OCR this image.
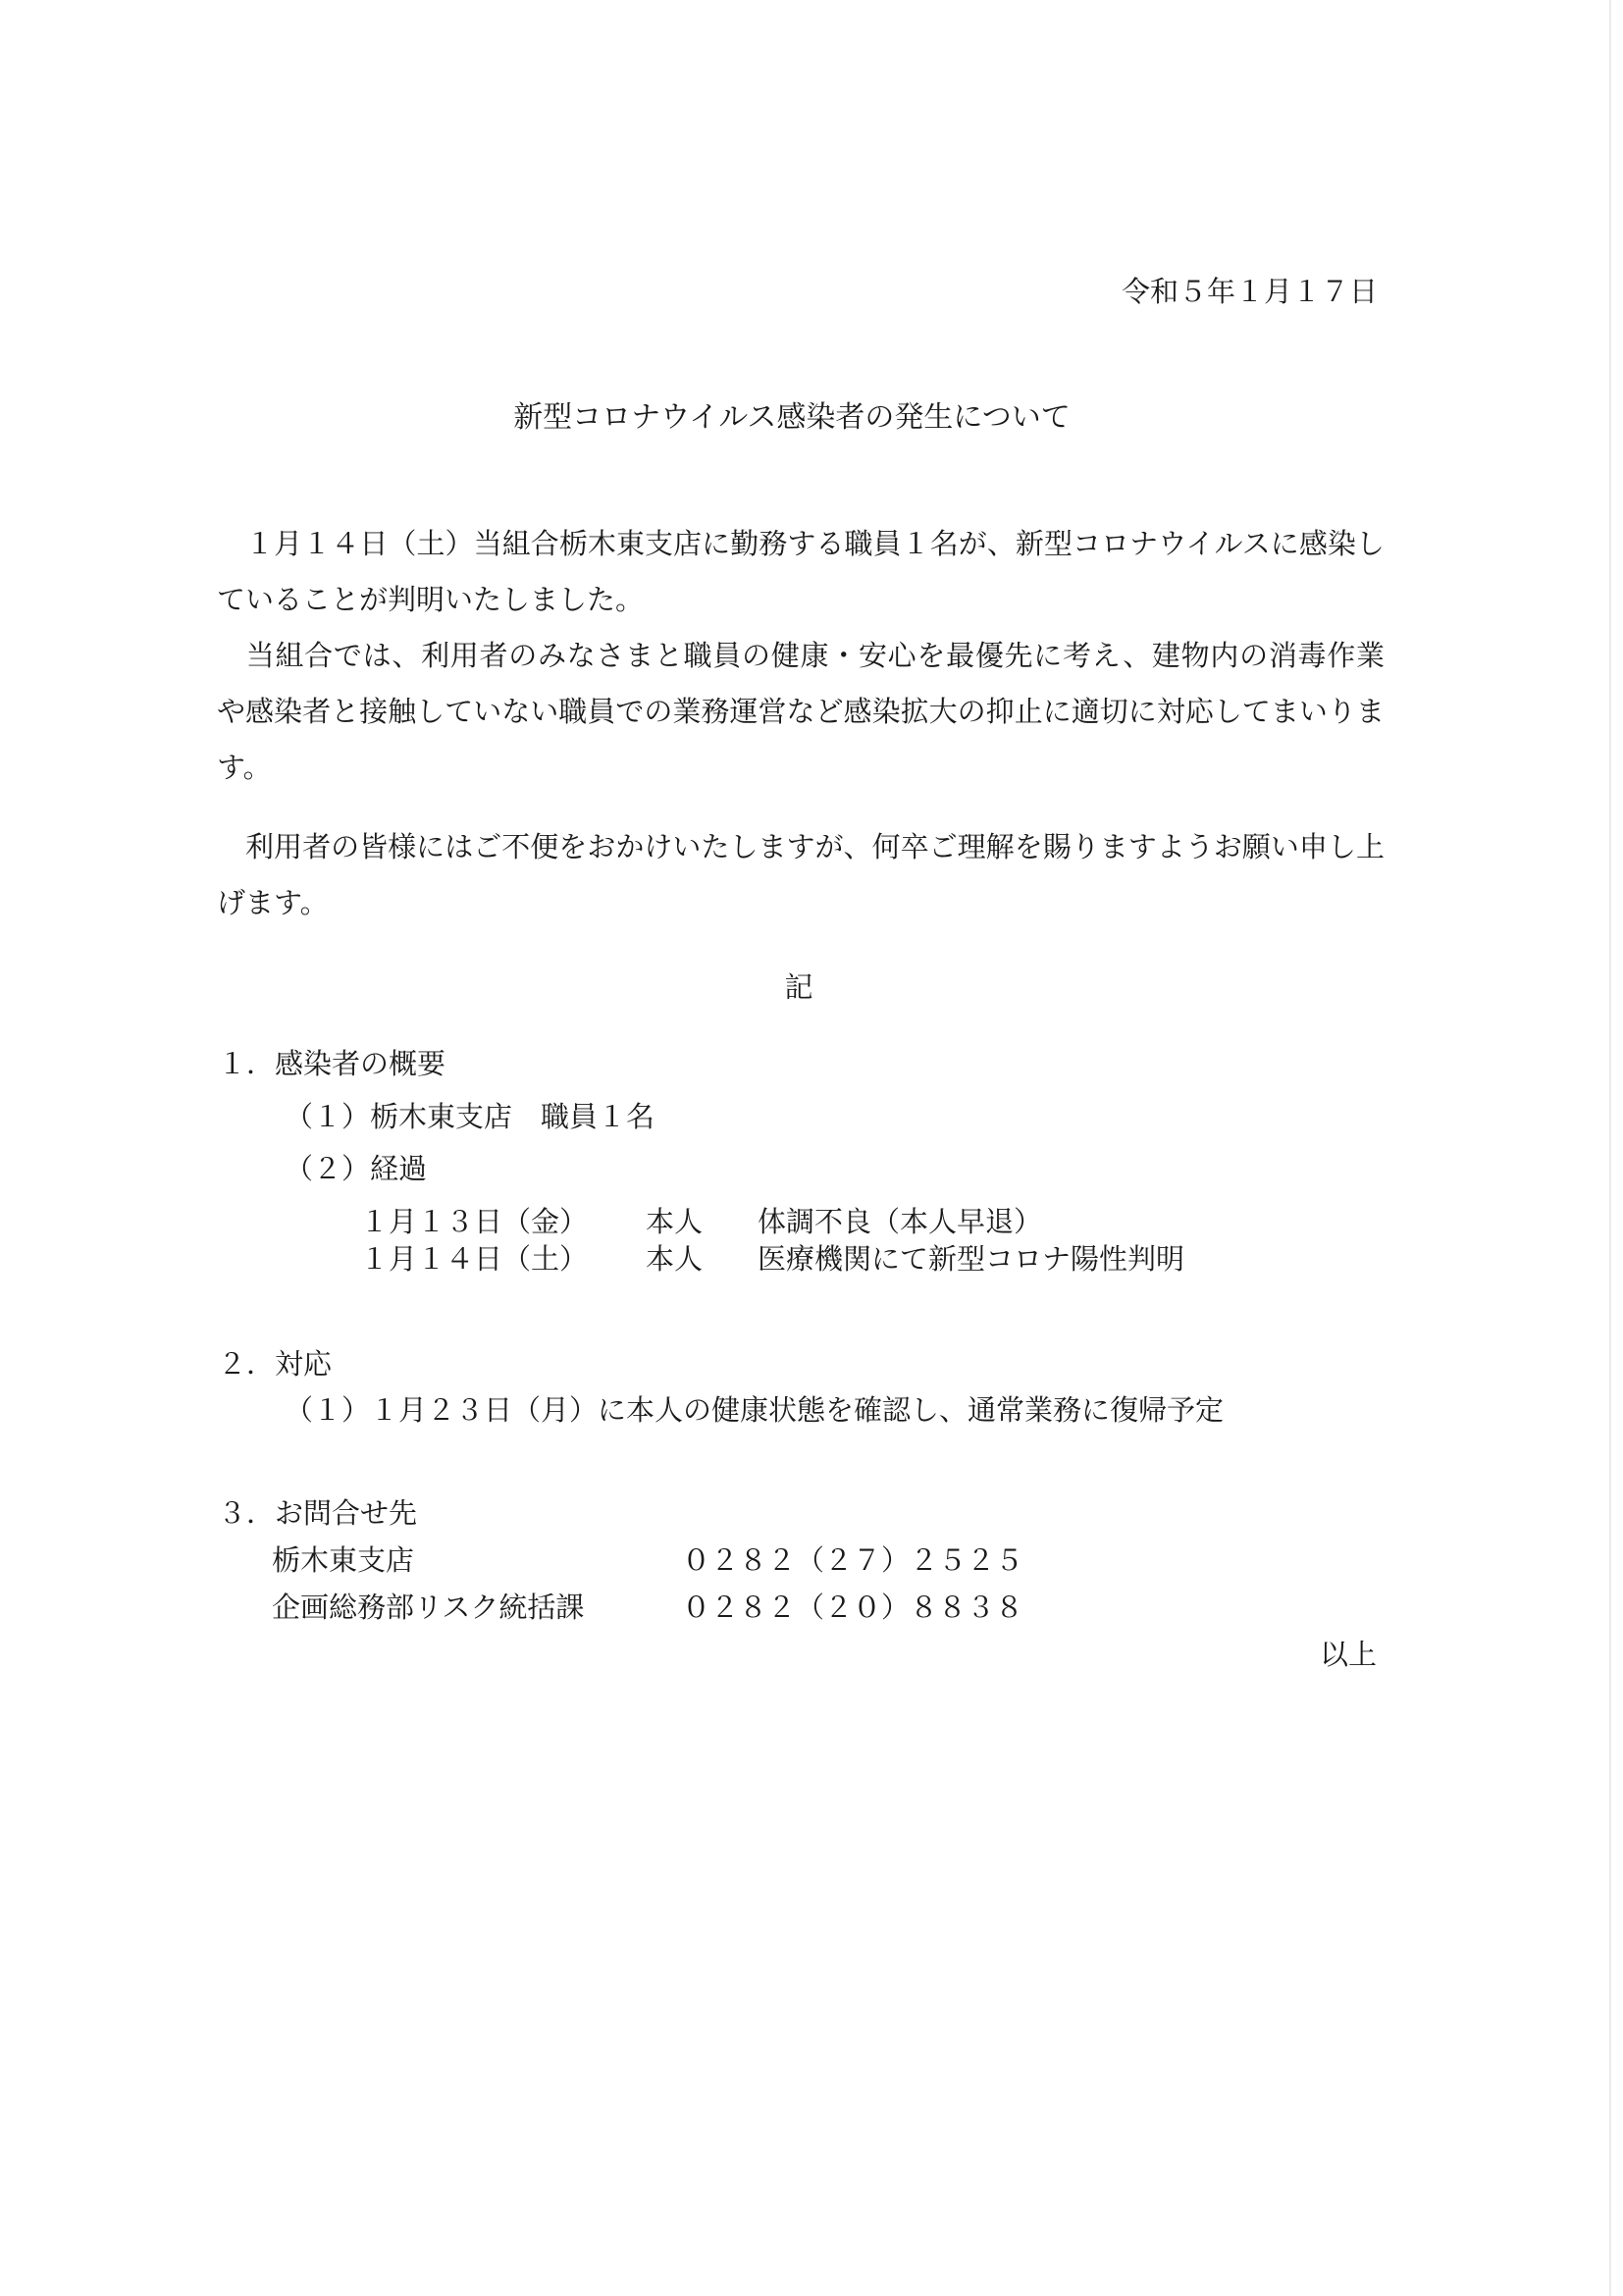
令和５年１月１７日

新型コロナウイルス感染者の発生について

　１月１４日（土）当組合栃木東支店に勤務する職員１名が、新型コロナウイルスに感染していることが判明いたしました。

　当組合では、利用者のみなさまと職員の健康・安心を最優先に考え、建物内の消毒作業や感染者と接触していない職員での業務運営など感染拡大の抑止に適切に対応してまいります。

　利用者の皆様にはご不便をおかけいたしますが、何卒ご理解を賜りますようお願い申し上げます。

記

１．感染者の概要
（１）栃木東支店　職員１名
（２）経過
１月１３日（金） 本人 体調不良（本人早退）
１月１４日（土） 本人 医療機関にて新型コロナ陽性判明
２．対応
（１）１月２３日（月）に本人の健康状態を確認し、通常業務に復帰予定
３．お問合せ先
栃木東支店	０２８２（２７）２５２５
企画総務部リスク統括課	０２８２（２０）８８３８

以上
